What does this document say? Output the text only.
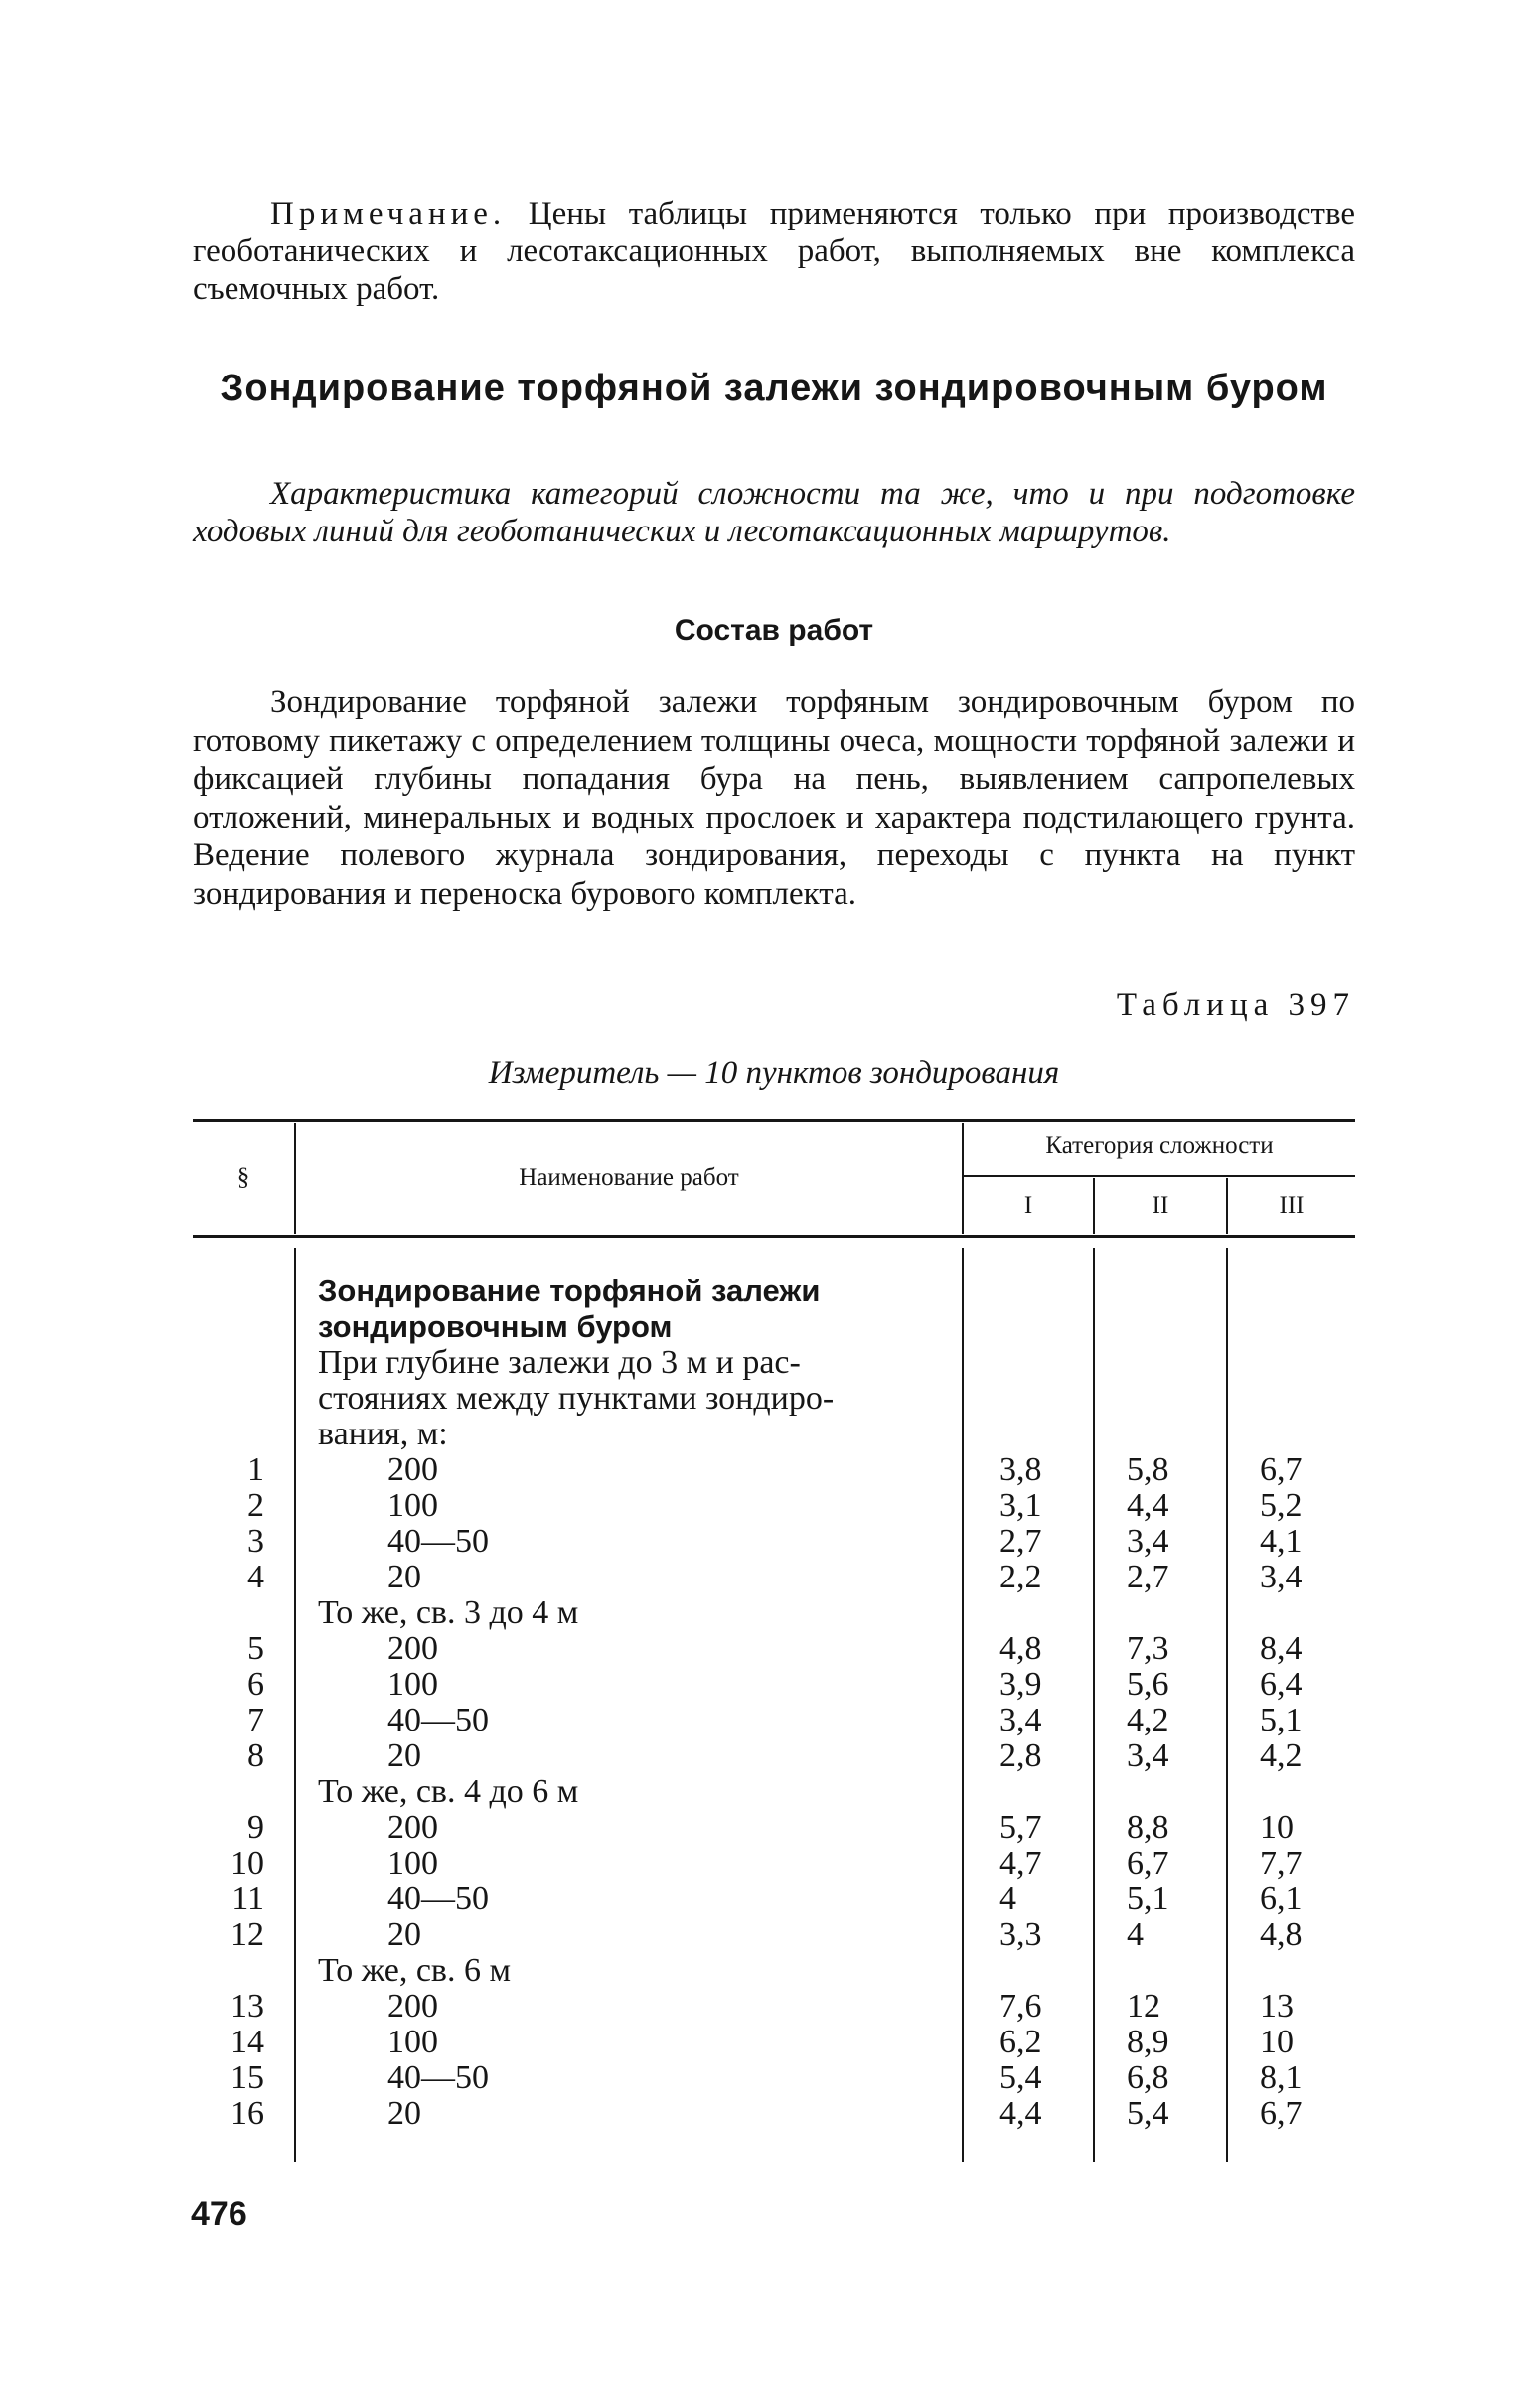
Примечание. Цены таблицы применяются только при производстве геоботанических и лесотаксационных работ, выполняемых вне комплекса съемочных работ.

Зондирование торфяной залежи зондировочным буром

Характеристика категорий сложности та же, что и при подготовке ходовых линий для геоботанических и лесотаксационных маршрутов.

Состав работ

Зондирование торфяной залежи торфяным зондировочным буром по готовому пикетажу с определением толщины очеса, мощности торфяной залежи и фиксацией глубины попадания бура на пень, выявлением сапропелевых отложений, минеральных и водных прослоек и характера подстилающего грунта. Ведение полевого журнала зондирования, переходы с пункта на пункт зондирования и переноска бурового комплекта.

Таблица 397

Измеритель — 10 пунктов зондирования

§	Наименование работ
Категория сложности
I	II	III
Зондирование торфяной залежи
зондировочным буром
При глубине залежи до 3 м и рас-
стояниях между пунктами зондиро-
вания, м:
1	200	3,8	5,8	6,7
2	100	3,1	4,4	5,2
3	40—50	2,7	3,4	4,1
4	20	2,2	2,7	3,4
То же, св. 3 до 4 м
5	200	4,8	7,3	8,4
6	100	3,9	5,6	6,4
7	40—50	3,4	4,2	5,1
8	20	2,8	3,4	4,2
То же, св. 4 до 6 м
9	200	5,7	8,8	10
10	100	4,7	6,7	7,7
11	40—50	4	5,1	6,1
12	20	3,3	4	4,8
То же, св. 6 м
13	200	7,6	12	13
14	100	6,2	8,9	10
15	40—50	5,4	6,8	8,1
16	20	4,4	5,4	6,7

476
